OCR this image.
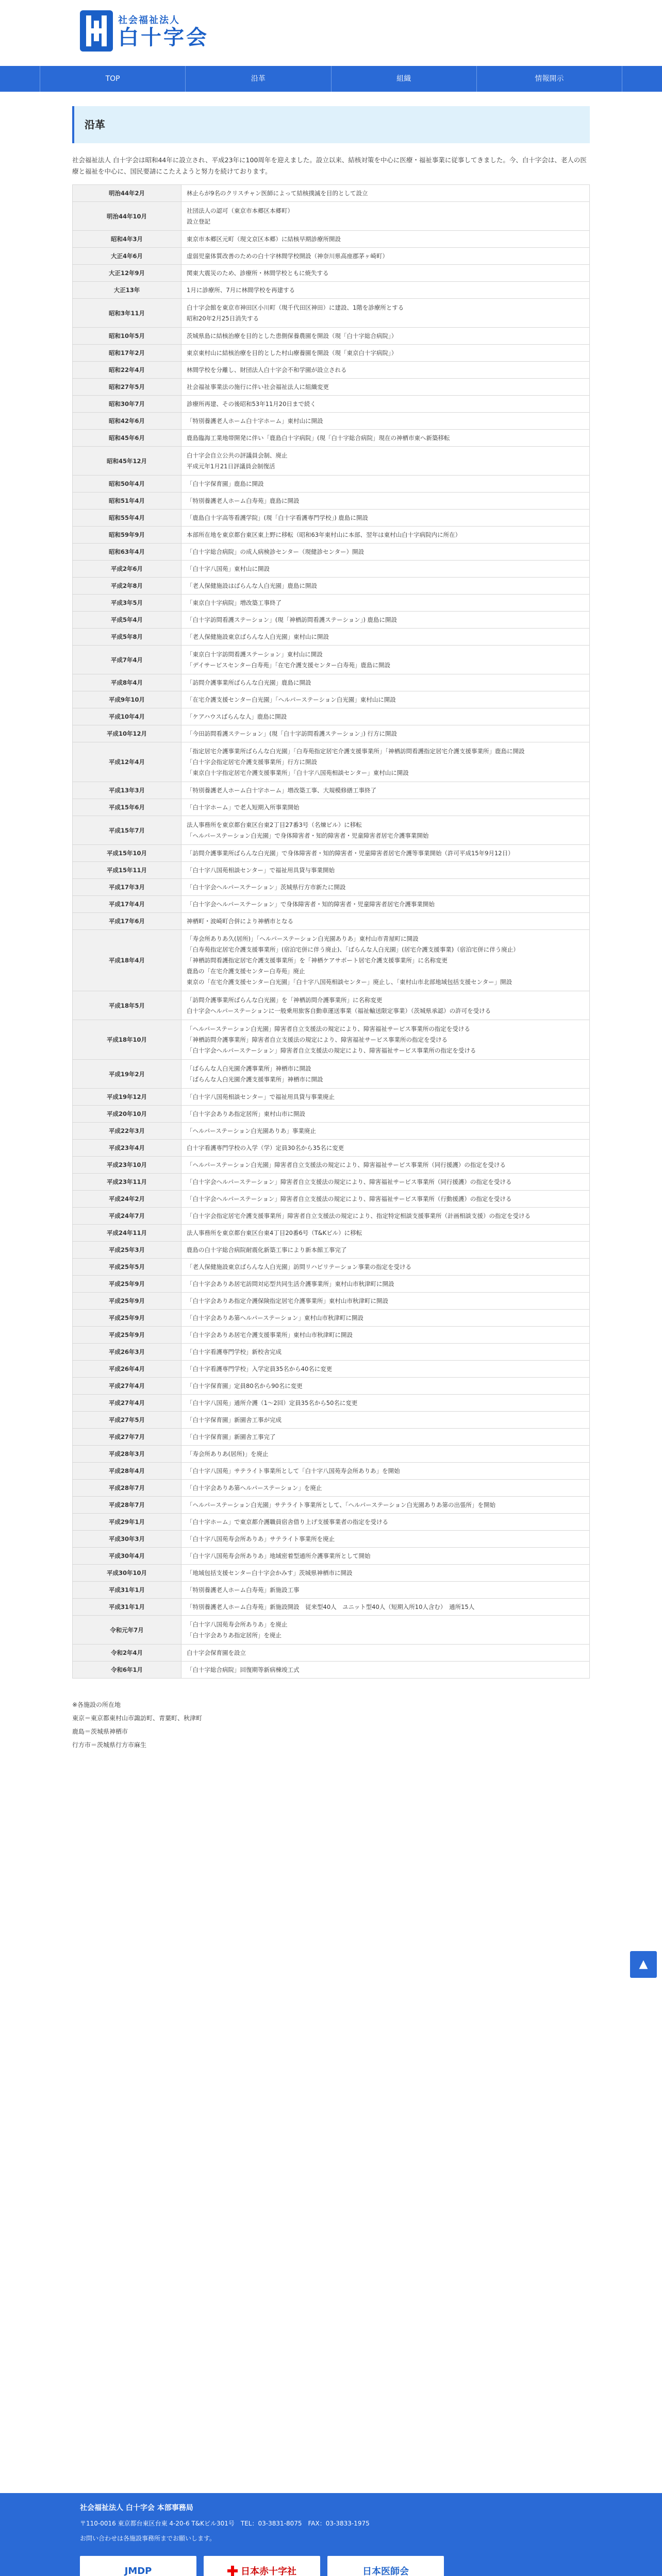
社会福祉法人
白十字会
TOP	沿革	組織	情報開示
沿革

社会福祉法人 白十字会は昭和44年に設立され、平成23年に100周年を迎えました。設立以来、結核対策を中心に医療・福祉事業に従事してきました。今、白十字会は、老人の医療と福祉を中心に、国民要請にこたえようと努力を続けております。

明治44年2月	林止らが9名のクリスチャン医師によって結核撲滅を目的として設立
明治44年10月	社団法人の認可（東京市本郷区本郷町）
設立登記
昭和4年3月	東京市本郷区元町（現文京区本郷）に結核早期診療所開設
大正4年6月	虚弱児童体質改善のための白十字林間学校開設（神奈川県高座郡茅ヶ崎町）
大正12年9月	関東大震災のため、診療所・林間学校ともに焼失する
大正13年	1月に診療所、7月に林間学校を再建する
昭和3年11月	白十字会館を東京市神田区小川町（現千代田区神田）に建設、1階を診療所とする
昭和20年2月25日消失する
昭和10年5月	茨城県島に結核治療を目的とした患側保養農園を開設（現「白十字総合病院」）
昭和17年2月	東京東村山に結核治療を目的とした村山療養園を開設（現「東京白十字病院」）
昭和22年4月	林間学校を分離し、財団法人白十字会不和学園が設立される
昭和27年5月	社会福祉事業法の施行に伴い社会福祉法人に組織変更
昭和30年7月	診療所再建、その後昭和53年11月20日まで続く
昭和42年6月	「特別養護老人ホーム白十字ホーム」東村山に開設
昭和45年6月	鹿島臨海工業地帯開発に伴い「鹿島白十字病院」(現「白十字総合病院」現在の神栖市東へ新築移転
昭和45年12月	白十字会自立公共の評議員会制、廃止
平成元年1月21日評議員会制復活
昭和50年4月	「白十字保育園」鹿島に開設
昭和51年4月	「特別養護老人ホーム白寿苑」鹿島に開設
昭和55年4月	「鹿島白十字高等看護学院」(現「白十字看護専門学校」) 鹿島に開設
昭和59年9月	本部所在地を東京都台東区東上野に移転（昭和63年東村山に本部、翌年は東村山白十字病院内に所在）
昭和63年4月	「白十字総合病院」の成人病検診センター（現健診センター）開設
平成2年6月	「白十字八国苑」東村山に開設
平成2年8月	「老人保健施設はばらんな人白光園」鹿島に開設
平成3年5月	「東京白十字病院」増改築工事終了
平成5年4月	「白十字訪問看護ステーション」(現「神栖訪問看護ステーション」) 鹿島に開設
平成5年8月	「老人保健施設東京ばらんな人白光園」東村山に開設
平成7年4月	「東京白十字訪問看護ステーション」東村山に開設
「デイサービスセンター白寿苑」「在宅介護支援センター白寿苑」鹿島に開設
平成8年4月	「訪問介護事業所ばらんな白光園」鹿島に開設
平成9年10月	「在宅介護支援センター白光園」「ヘルパーステーション白光園」東村山に開設
平成10年4月	「ケアハウスばらんな人」鹿島に開設
平成10年12月	「今田訪問看護ステーション」(現「白十字訪問看護ステーション」) 行方に開設
平成12年4月	「指定居宅介護事業所ばらんな白光園」「白寿苑指定居宅介護支援事業所」「神栖訪問看護指定居宅介護支援事業所」鹿島に開設
「白十字会指定居宅介護支援事業所」行方に開設
「東京白十字指定居宅介護支援事業所」「白十字八国苑相談センター」東村山に開設
平成13年3月	「特別養護老人ホーム白十字ホーム」増改築工事、大規模修繕工事終了
平成15年6月	「白十字ホーム」で老人短期入所事業開始
平成15年7月	法人事務所を東京都台東区台東2丁目27番3号（名煉ビル）に移転
「ヘルパーステーション白光園」で身体障害者・知的障害者・児童障害者居宅介護事業開始
平成15年10月	「訪問介護事業所ばらんな白光園」で身体障害者・知的障害者・児童障害者居宅介護等事業開始（許可平成15年9月12日）
平成15年11月	「白十字八国苑相談センター」で福祉用具貸与事業開始
平成17年3月	「白十字会ヘルパーステーション」茨城県行方市新たに開設
平成17年4月	「白十字会ヘルパーステーション」で身体障害者・知的障害者・児童障害者居宅介護事業開始
平成17年6月	神栖町・波崎町合併により神栖市となる
平成18年4月	「寿会所ありあ久(居所)」「ヘルパーステーション白光園ありあ」東村山市青屋町に開設
「白寿苑指定居宅介護支援事業所」(宿泊宅併に伴う廃止)、「ばらんな人白光園」(居宅介護支援事業)（宿泊宅併に伴う廃止）
「神栖訪問看護指定居宅介護支援事業所」を「神栖ケアサポート居宅介護支援事業所」に名称変更
鹿島の「在宅介護支援センター白寿苑」廃止
東京の「在宅介護支援センター白光園」「白十字八国苑相談センター」廃止し、「東村山市北部地域包括支援センター」開設
平成18年5月	「訪問介護事業所ばらんな白光園」を「神栖訪問介護事業所」に名称変更
白十字会ヘルパーステーションに一般乗用旅客自動車運送事業（福祉輸送限定事業）（茨城県承認）の許可を受ける
平成18年10月	「ヘルパーステーション白光園」障害者自立支援法の規定により、障害福祉サービス事業所の指定を受ける
「神栖訪問介護事業所」障害者自立支援法の規定により、障害福祉サービス事業所の指定を受ける
「白十字会ヘルパーステーション」障害者自立支援法の規定により、障害福祉サービス事業所の指定を受ける
平成19年2月	「ばらんな人白光園介護事業所」神栖市に開設
「ばらんな人白光園介護支援事業所」神栖市に開設
平成19年12月	「白十字八国苑相談センター」で福祉用具貸与事業廃止
平成20年10月	「白十字会ありあ指定居所」東村山市に開設
平成22年3月	「ヘルパーステーション白光園ありあ」事業廃止
平成23年4月	白十字看護専門学校の入学（学）定員30名から35名に変更
平成23年10月	「ヘルパーステーション白光園」障害者自立支援法の規定により、障害福祉サービス事業所（同行援護）の指定を受ける
平成23年11月	「白十字会ヘルパーステーション」障害者自立支援法の規定により、障害福祉サービス事業所（同行援護）の指定を受ける
平成24年2月	「白十字会ヘルパーステーション」障害者自立支援法の規定により、障害福祉サービス事業所（行動援護）の指定を受ける
平成24年7月	「白十字会指定居宅介護支援事業所」障害者自立支援法の規定により、指定特定相談支援事業所（計画相談支援）の指定を受ける
平成24年11月	法人事務所を東京都台東区台東4丁目20番6号（T&Kビル）に移転
平成25年3月	鹿島の白十字総合病院耐震化新築工事により新本館工事完了
平成25年5月	「老人保健施設東京ばらんな人白光園」訪問リハビリテーション事業の指定を受ける
平成25年9月	「白十字会ありあ居宅訪問対応型共同生活介護事業所」東村山市秋津町に開設
平成25年9月	「白十字会ありあ指定介護保険指定居宅介護事業所」東村山市秋津町に開設
平成25年9月	「白十字会ありあ第ヘルパーステーション」東村山市秋津町に開設
平成25年9月	「白十字会ありあ居宅介護支援事業所」東村山市秋津町に開設
平成26年3月	「白十字看護専門学校」新校舎完成
平成26年4月	「白十字看護専門学校」入学定員35名から40名に変更
平成27年4月	「白十字保育園」定員80名から90名に変更
平成27年4月	「白十字八国苑」通所介護（1～2回）定員35名から50名に変更
平成27年5月	「白十字保育園」新園舎工事が完成
平成27年7月	「白十字保育園」新園舎工事完了
平成28年3月	「寿会所ありあ(居所)」を廃止
平成28年4月	「白十字八国苑」サテライト事業所として「白十字八国苑寿会所ありあ」を開始
平成28年7月	「白十字会ありあ第ヘルパーステーション」を廃止
平成28年7月	「ヘルパーステーション白光園」サテライト事業所として、「ヘルパーステーション白光園ありあ第の出張所」を開始
平成29年1月	「白十字ホーム」で東京都介護職員宿舎借り上げ支援事業者の指定を受ける
平成30年3月	「白十字八国苑寿会所ありあ」サテライト事業所を廃止
平成30年4月	「白十字八国苑寿会所ありあ」地域密着型通所介護事業所として開始
平成30年10月	「地域包括支援センター白十字会かみす」茨城県神栖市に開設
平成31年1月	「特別養護老人ホーム白寿苑」新施設工事
平成31年1月	「特別養護老人ホーム白寿苑」新施設開設　従来型40人　ユニット型40人（短期入所10人含む）　通所15人
令和元年7月	「白十字八国苑寿会所ありあ」を廃止
「白十字会ありあ指定居所」を廃止
令和2年4月	白十字会保育園を設立
令和6年1月	「白十字総合病院」回復期等新病棟竣工式
※各施設の所在地
東京＝東京都東村山市諏訪町、青葉町、秋津町
鹿島＝茨城県神栖市
行方市＝茨城県行方市麻生
▲
社会福祉法人 白十字会 本部事務局
〒110-0016 東京都台東区台東 4-20-6 T&Kビル301号　TEL：03-3831-8075　FAX：03-3833-1975
お問い合わせは各施設事務所までお願いします。
JMDP	日本赤十字社	日本医師会
